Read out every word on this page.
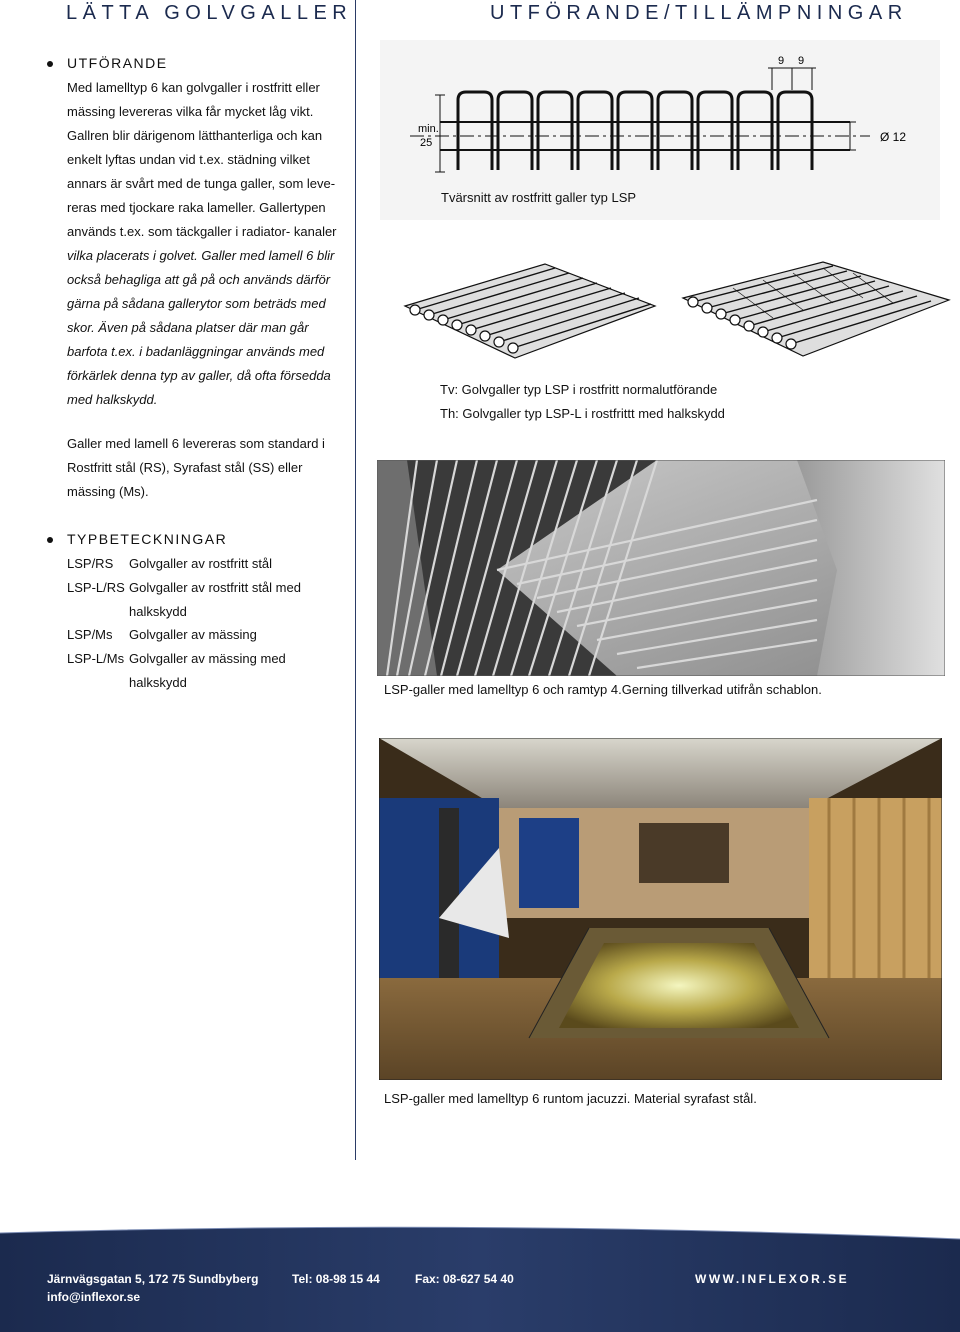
LÄTTA GOLVGALLER	UTFÖRANDE/TILLÄMPNINGAR
UTFÖRANDE
Med lamelltyp 6 kan golvgaller i rostfritt eller
mässing levereras vilka får mycket låg vikt.
Gallren blir därigenom lätthanterliga och kan
enkelt lyftas undan vid t.ex. städning vilket
annars är svårt med de tunga galler, som leve-
reras med tjockare raka lameller. Gallertypen
används t.ex. som täckgaller i radiator- kanaler
vilka placerats i golvet. Galler med lamell 6 blir
också behagliga att gå på och används därför
gärna på sådana gallerytor som beträds med
skor. Även på sådana platser där man går
barfota t.ex. i badanläggningar används med
förkärlek denna typ av galler, då ofta försedda
med halkskydd.
Galler med lamell 6 levereras som standard i
Rostfritt stål (RS), Syrafast stål (SS) eller
mässing (Ms).
TYPBETECKNINGAR
LSP/RS Golvgaller av rostfritt stål
LSP-L/RS Golvgaller av rostfritt stål med
halkskydd
LSP/Ms Golvgaller av mässing
LSP-L/Ms Golvgaller av mässing med
halkskydd
min.
25
9 9
Ø 12
Tvärsnitt av rostfritt galler typ LSP
Tv: Golvgaller typ LSP i rostfritt normalutförande
Th: Golvgaller typ LSP-L i rostfrittt med halkskydd
LSP-galler med lamelltyp 6 och ramtyp 4.Gerning tillverkad utifrån schablon.
LSP-galler med lamelltyp 6 runtom jacuzzi. Material syrafast stål.
Järnvägsgatan 5, 172 75 Sundbyberg
info@inflexor.se
Tel: 08-98 15 44	Fax: 08-627 54 40	WWW.INFLEXOR.SE
